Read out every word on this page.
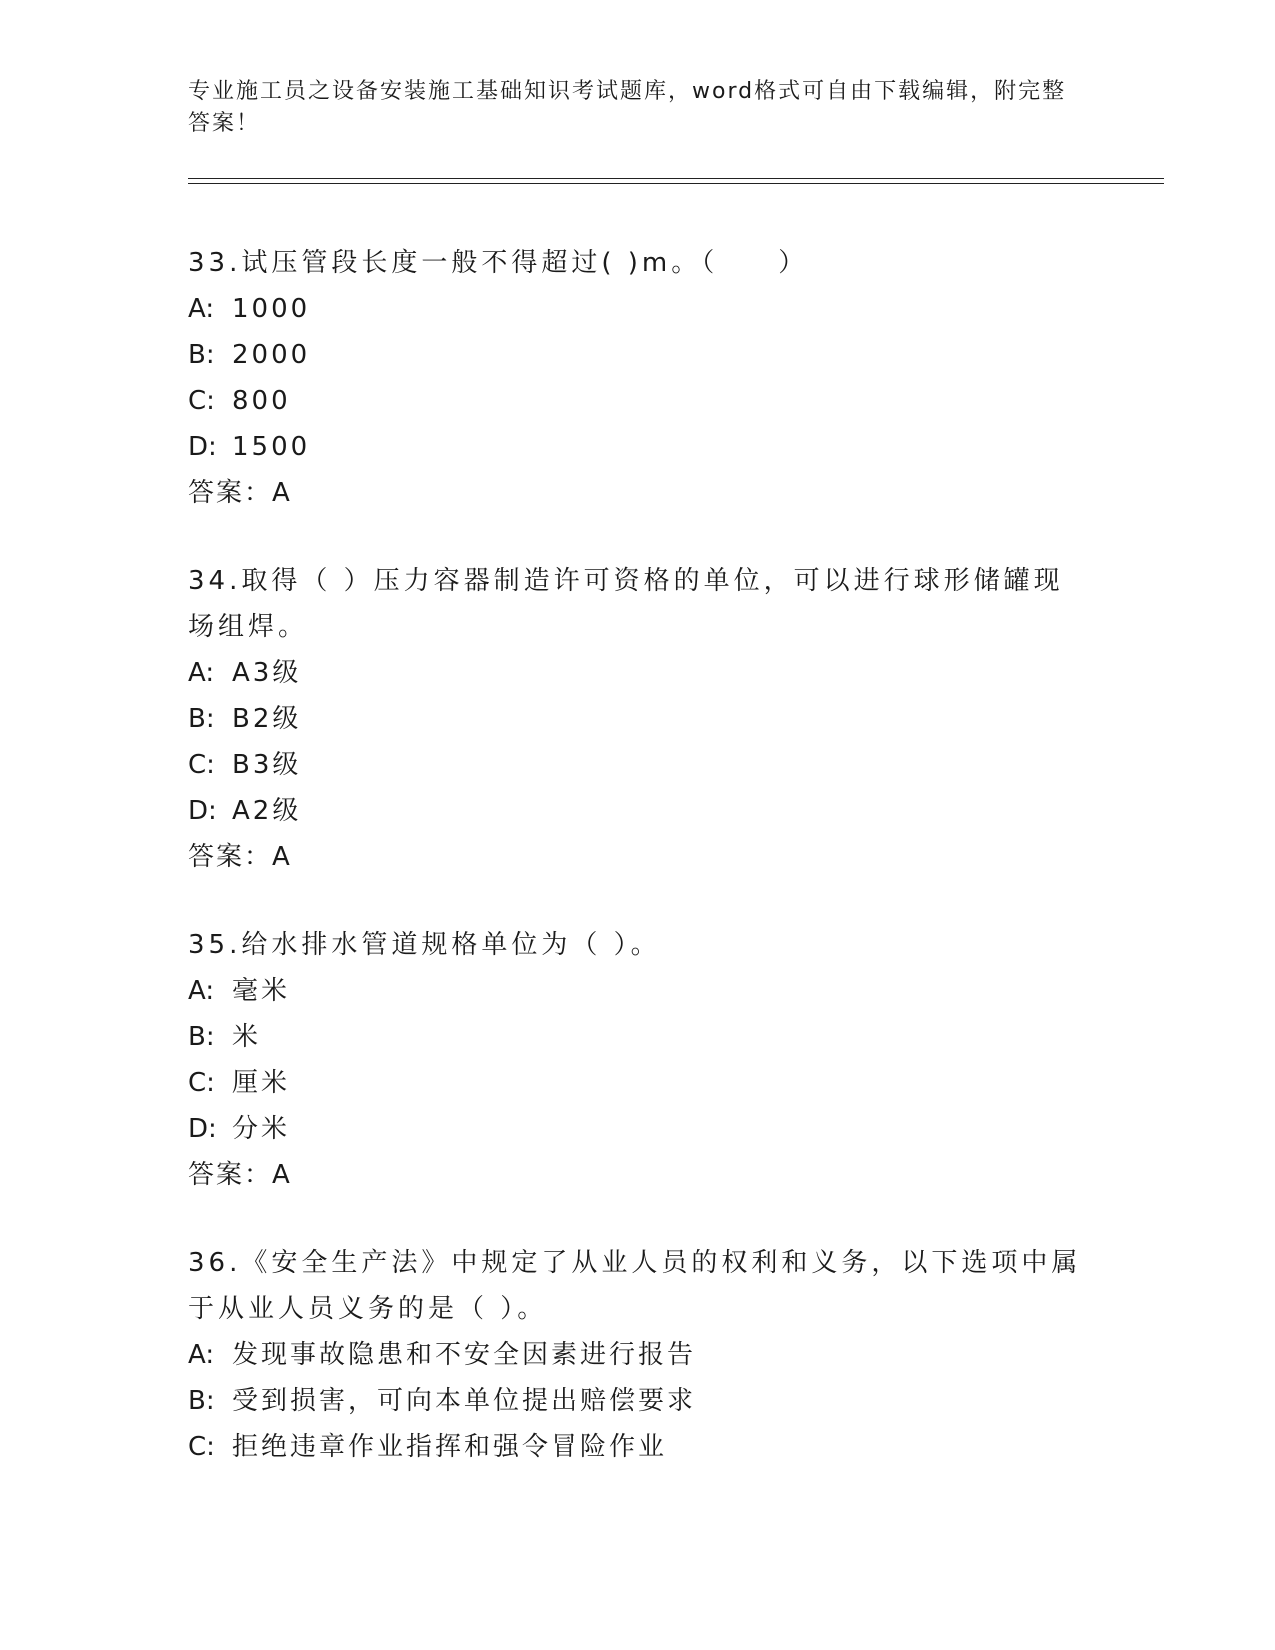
专业施工员之设备安装施工基础知识考试题库，word格式可自由下载编辑，附完整答案！
33.试压管段长度一般不得超过( )m。（　　）
A: 1000
B: 2000
C: 800
D: 1500
答案：A
34.取得（ ）压力容器制造许可资格的单位，可以进行球形储罐现场组焊。
A: A3级
B: B2级
C: B3级
D: A2级
答案：A
35.给水排水管道规格单位为（ ）。
A: 毫米
B: 米
C: 厘米
D: 分米
答案：A
36.《安全生产法》中规定了从业人员的权利和义务，以下选项中属于从业人员义务的是（ ）。
A: 发现事故隐患和不安全因素进行报告
B: 受到损害，可向本单位提出赔偿要求
C: 拒绝违章作业指挥和强令冒险作业
